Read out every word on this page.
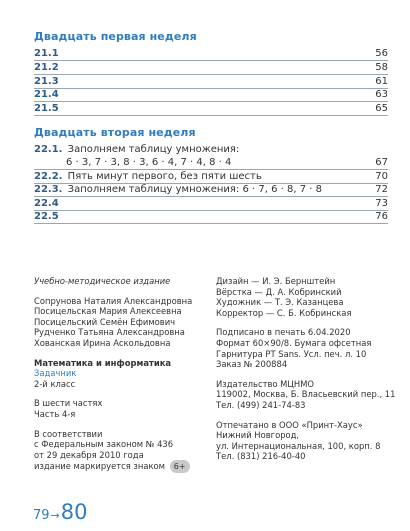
Двадцать первая неделя
21.1	56
21.2	58
21.3	61
21.4	63
21.5	65
Двадцать вторая неделя
22.1. Заполняем таблицу умножения:
6 · 3, 7 · 3, 8 · 3, 6 · 4, 7 · 4, 8 · 4	67
22.2. Пять минут первого, без пяти шесть	70
22.3. Заполняем таблицу умножения: 6 · 7, 6 · 8, 7 · 8	72
22.4	73
22.5	76
Учебно-методическое издание
Сопрунова Наталия Александровна
Посицельская Мария Алексеевна
Посицельский Семён Ефимович
Рудченко Татьяна Александровна
Хованская Ирина Аскольдовна
Математика и информатика
Задачник
2-й класс
В шести частях
Часть 4-я
В соответствии
с Федеральным законом № 436
от 29 декабря 2010 года
издание маркируется знаком 6+
Дизайн — И. Э. Бернштейн
Вёрстка — Д. А. Кобринский
Художник — Т. Э. Казанцева
Корректор — С. Б. Кобринская
Подписано в печать 6.04.2020
Формат 60×90/8. Бумага офсетная
Гарнитура PT Sans. Усл. печ. л. 10
Заказ № 200884
Издательство МЦНМО
119002, Москва, Б. Власьевский пер., 11
Тел. (499) 241-74-83
Отпечатано в ООО «Принт-Хаус»
Нижний Новгород,
ул. Интернациональная, 100, корп. 8
Тел. (831) 216-40-40
79→80
